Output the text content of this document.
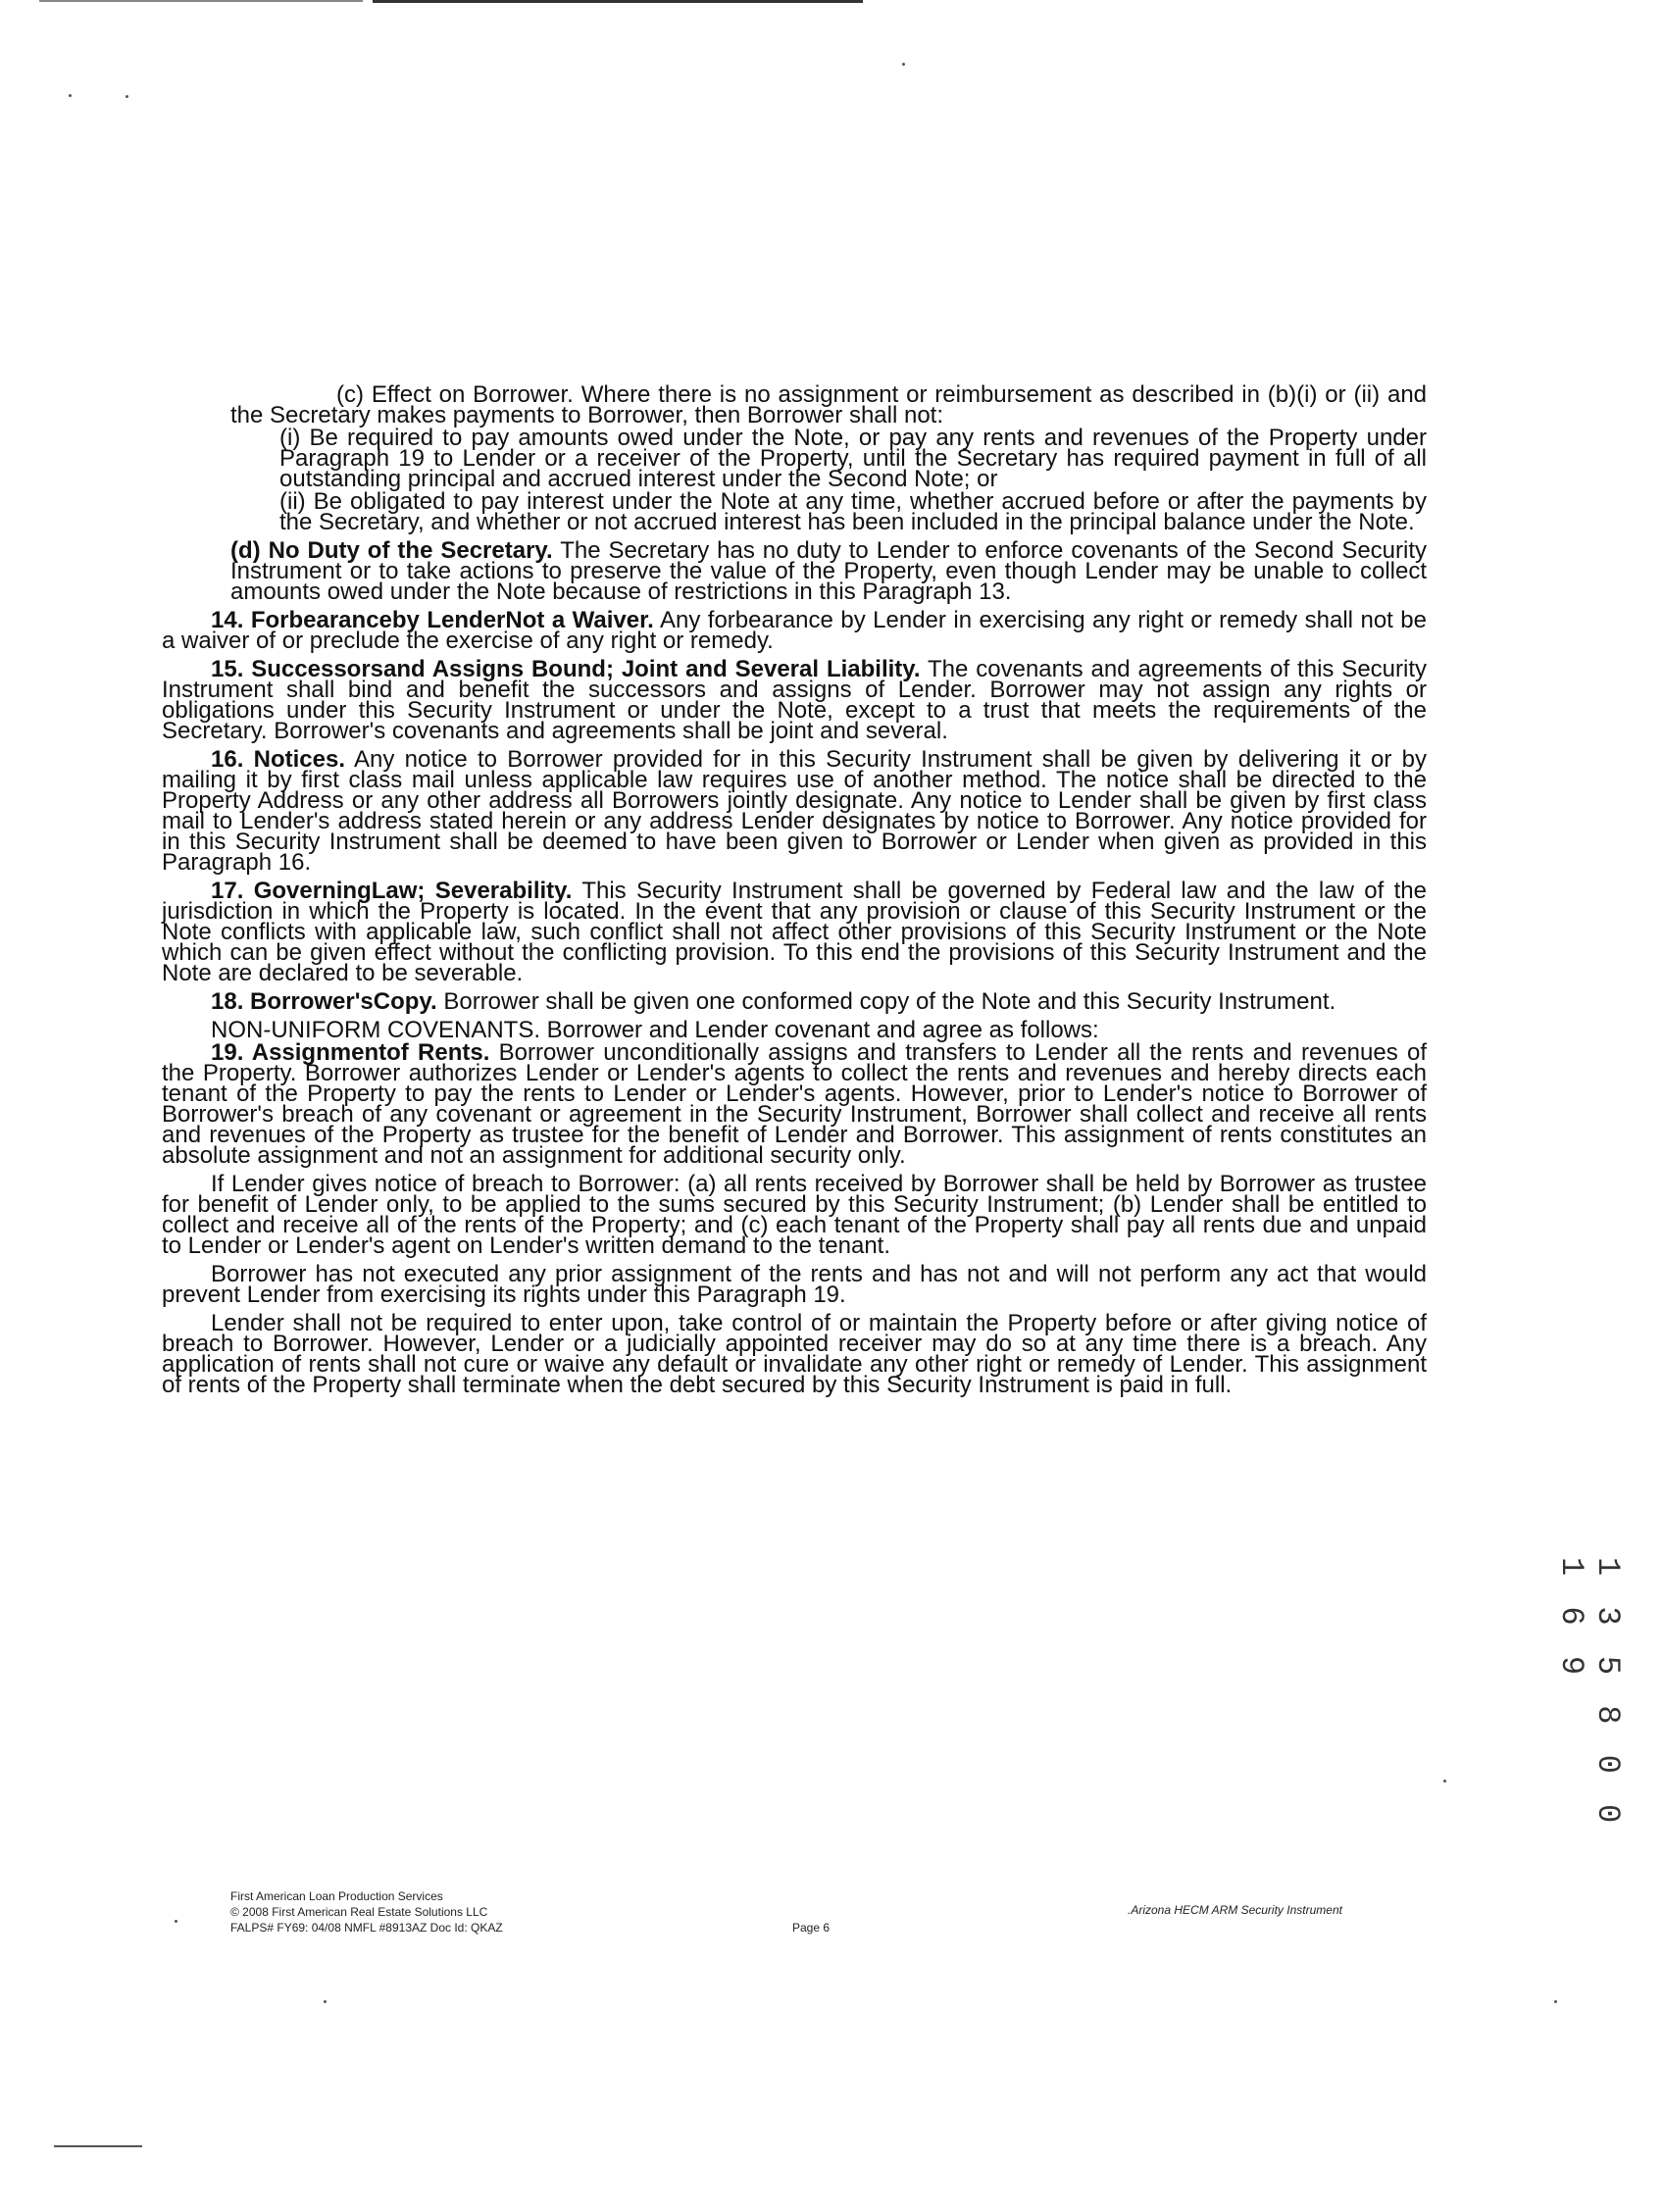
(c) Effect on Borrower. Where there is no assignment or reimbursement as described in (b)(i) or (ii) and the Secretary makes payments to Borrower, then Borrower shall not:

(i) Be required to pay amounts owed under the Note, or pay any rents and revenues of the Property under Paragraph 19 to Lender or a receiver of the Property, until the Secretary has required payment in full of all outstanding principal and accrued interest under the Second Note; or

(ii) Be obligated to pay interest under the Note at any time, whether accrued before or after the payments by the Secretary, and whether or not accrued interest has been included in the principal balance under the Note.

(d) No Duty of the Secretary. The Secretary has no duty to Lender to enforce covenants of the Second Security Instrument or to take actions to preserve the value of the Property, even though Lender may be unable to collect amounts owed under the Note because of restrictions in this Paragraph 13.

14. Forbearanceby LenderNot a Waiver. Any forbearance by Lender in exercising any right or remedy shall not be a waiver of or preclude the exercise of any right or remedy.

15. Successorsand Assigns Bound; Joint and Several Liability. The covenants and agreements of this Security Instrument shall bind and benefit the successors and assigns of Lender. Borrower may not assign any rights or obligations under this Security Instrument or under the Note, except to a trust that meets the requirements of the Secretary. Borrower's covenants and agreements shall be joint and several.

16. Notices. Any notice to Borrower provided for in this Security Instrument shall be given by delivering it or by mailing it by first class mail unless applicable law requires use of another method. The notice shall be directed to the Property Address or any other address all Borrowers jointly designate. Any notice to Lender shall be given by first class mail to Lender's address stated herein or any address Lender designates by notice to Borrower. Any notice provided for in this Security Instrument shall be deemed to have been given to Borrower or Lender when given as provided in this Paragraph 16.

17. GoverningLaw; Severability. This Security Instrument shall be governed by Federal law and the law of the jurisdiction in which the Property is located. In the event that any provision or clause of this Security Instrument or the Note conflicts with applicable law, such conflict shall not affect other provisions of this Security Instrument or the Note which can be given effect without the conflicting provision. To this end the provisions of this Security Instrument and the Note are declared to be severable.

18. Borrower'sCopy. Borrower shall be given one conformed copy of the Note and this Security Instrument.

NON-UNIFORM COVENANTS. Borrower and Lender covenant and agree as follows:

19. Assignmentof Rents. Borrower unconditionally assigns and transfers to Lender all the rents and revenues of the Property. Borrower authorizes Lender or Lender's agents to collect the rents and revenues and hereby directs each tenant of the Property to pay the rents to Lender or Lender's agents. However, prior to Lender's notice to Borrower of Borrower's breach of any covenant or agreement in the Security Instrument, Borrower shall collect and receive all rents and revenues of the Property as trustee for the benefit of Lender and Borrower. This assignment of rents constitutes an absolute assignment and not an assignment for additional security only.

If Lender gives notice of breach to Borrower: (a) all rents received by Borrower shall be held by Borrower as trustee for benefit of Lender only, to be applied to the sums secured by this Security Instrument; (b) Lender shall be entitled to collect and receive all of the rents of the Property; and (c) each tenant of the Property shall pay all rents due and unpaid to Lender or Lender's agent on Lender's written demand to the tenant.

Borrower has not executed any prior assignment of the rents and has not and will not perform any act that would prevent Lender from exercising its rights under this Paragraph 19.

Lender shall not be required to enter upon, take control of or maintain the Property before or after giving notice of breach to Borrower. However, Lender or a judicially appointed receiver may do so at any time there is a breach. Any application of rents shall not cure or waive any default or invalidate any other right or remedy of Lender. This assignment of rents of the Property shall terminate when the debt secured by this Security Instrument is paid in full.

First American Loan Production Services
© 2008 First American Real Estate Solutions LLC
FALPS# FY69: 04/08 NMFL #8913AZ Doc Id: QKAZ	Page 6
.Arizona HECM ARM Security Instrument
1 3 5 8 0 0 1 6 9
